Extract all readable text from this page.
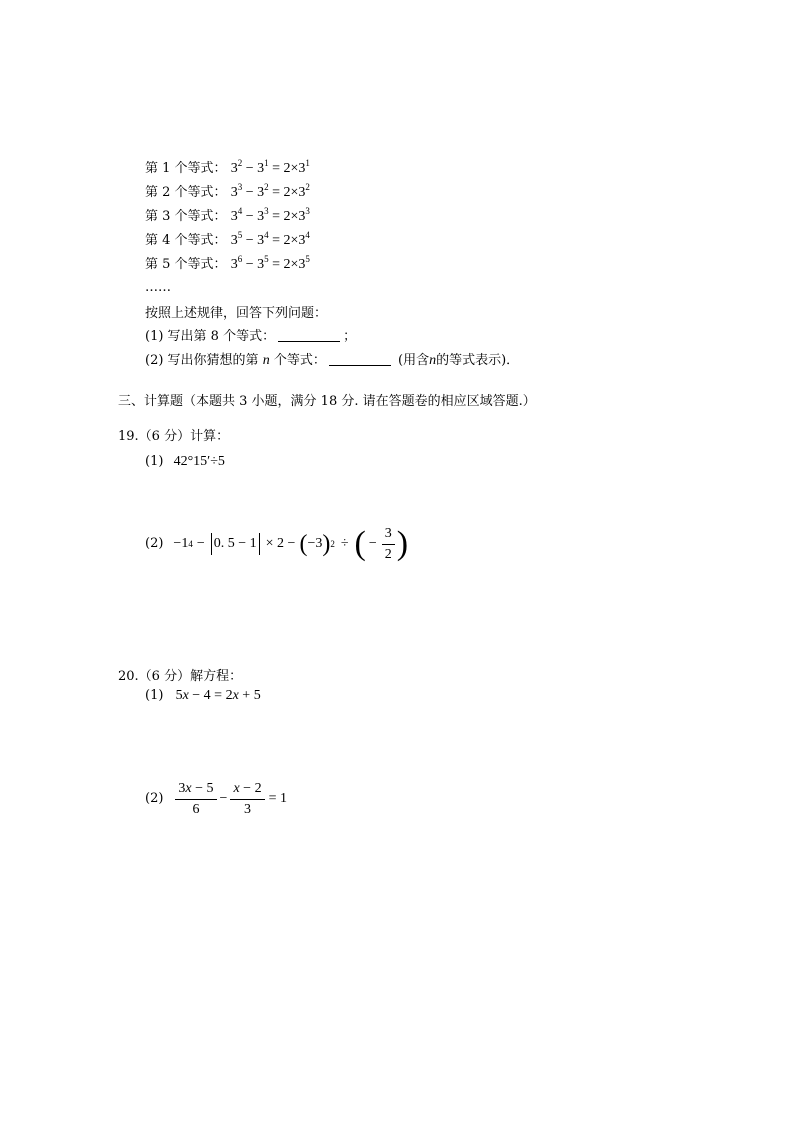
第 1 个等式： $3^2 - 3^1 = 2\times 3^1$
第 2 个等式： $3^3 - 3^2 = 2\times 3^2$
第 3 个等式： $3^4 - 3^3 = 2\times 3^3$
第 4 个等式： $3^5 - 3^4 = 2\times 3^4$
第 5 个等式： $3^6 - 3^5 = 2\times 3^5$
……
按照上述规律，回答下列问题：
(1) 写出第 8 个等式：	；
(2) 写出你猜想的第 n 个等式：	(用含n的等式表示)．
三、计算题（本题共 3 小题，满分 18 分. 请在答题卷的相应区域答题.）
19.（6 分）计算：
(1) 42°15′÷5
(2) −1 4 − 0. 5 − 1 × 2 − ( −3 ) 2 ÷ ( − $\frac{3}{2}$ )
20.（6 分）解方程：
(1) 5x − 4 = 2x + 5
$(2) \frac{3x - 5}{6} - \frac{x - 2}{3} = 1$
